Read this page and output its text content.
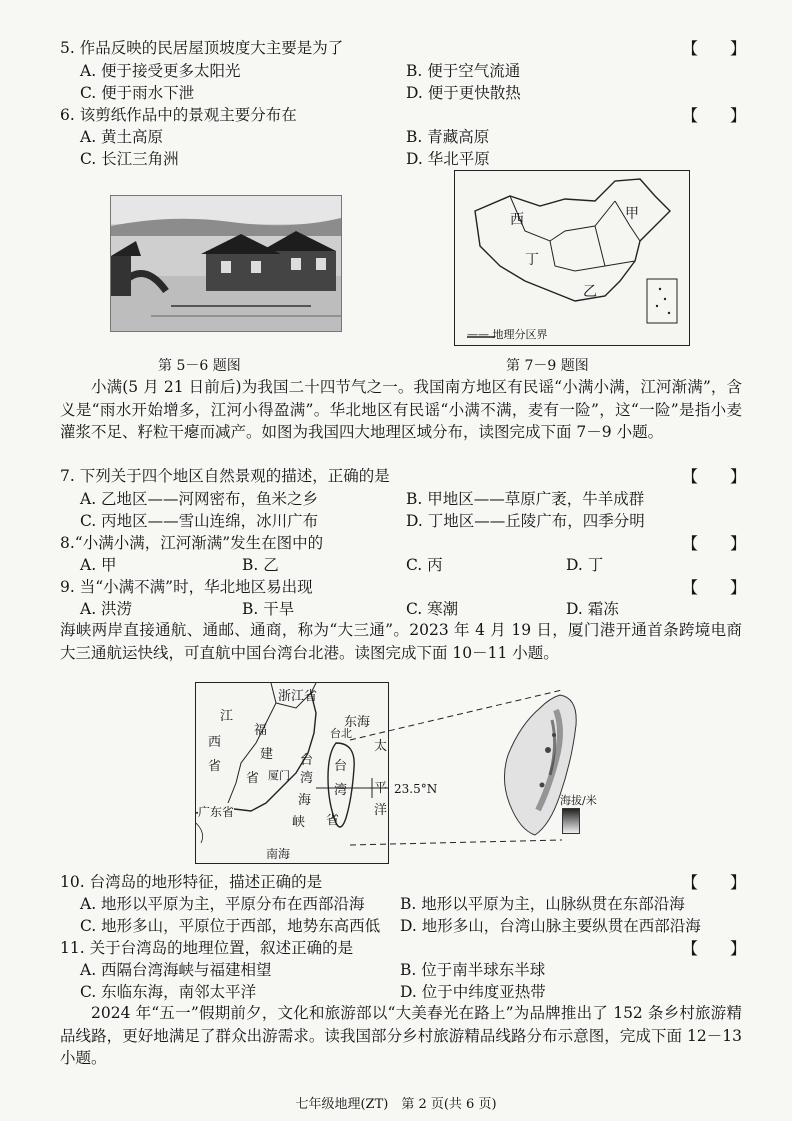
5. 作品反映的民居屋顶坡度大主要是为了	【　　】
A. 便于接受更多太阳光	B. 便于空气流通
C. 便于雨水下泄	D. 便于更快散热
6. 该剪纸作品中的景观主要分布在	【　　】
A. 黄土高原	B. 青藏高原
C. 长江三角洲	D. 华北平原
第 5－6 题图
西	甲
丁
乙
—— 地理分区界
第 7－9 题图
小满(5 月 21 日前后)为我国二十四节气之一。我国南方地区有民谣“小满小满，江河渐满”，含义是“雨水开始增多，江河小得盈满”。华北地区有民谣“小满不满，麦有一险”，这“一险”是指小麦灌浆不足、籽粒干瘪而减产。如图为我国四大地理区域分布，读图完成下面 7－9 小题。
7. 下列关于四个地区自然景观的描述，正确的是	【　　】
A. 乙地区——河网密布，鱼米之乡	B. 甲地区——草原广袤，牛羊成群
C. 丙地区——雪山连绵，冰川广布	D. 丁地区——丘陵广布，四季分明
8.“小满小满，江河渐满”发生在图中的	【　　】
A. 甲	B. 乙	C. 丙	D. 丁
9. 当“小满不满”时，华北地区易出现	【　　】
A. 洪涝	B. 干旱	C. 寒潮	D. 霜冻
海峡两岸直接通航、通邮、通商，称为“大三通”。2023 年 4 月 19 日，厦门港开通首条跨境电商大三通航运快线，可直航中国台湾台北港。读图完成下面 10－11 小题。
浙江省
东海
江
西
省
福
建
省 厦门
台北
台
湾
海
峡
台
湾
省
太
平
洋
广东省
南海
23.5°N
海拔/米
10. 台湾岛的地形特征，描述正确的是	【　　】
A. 地形以平原为主，平原分布在西部沿海 B. 地形以平原为主，山脉纵贯在东部沿海
C. 地形多山，平原位于西部，地势东高西低 D. 地形多山，台湾山脉主要纵贯在西部沿海
11. 关于台湾岛的地理位置，叙述正确的是	【　　】
A. 西隔台湾海峡与福建相望	B. 位于南半球东半球
C. 东临东海，南邻太平洋	D. 位于中纬度亚热带
2024 年“五一”假期前夕，文化和旅游部以“大美春光在路上”为品牌推出了 152 条乡村旅游精品线路，更好地满足了群众出游需求。读我国部分乡村旅游精品线路分布示意图，完成下面 12－13 小题。
七年级地理(ZT)　第 2 页(共 6 页)
